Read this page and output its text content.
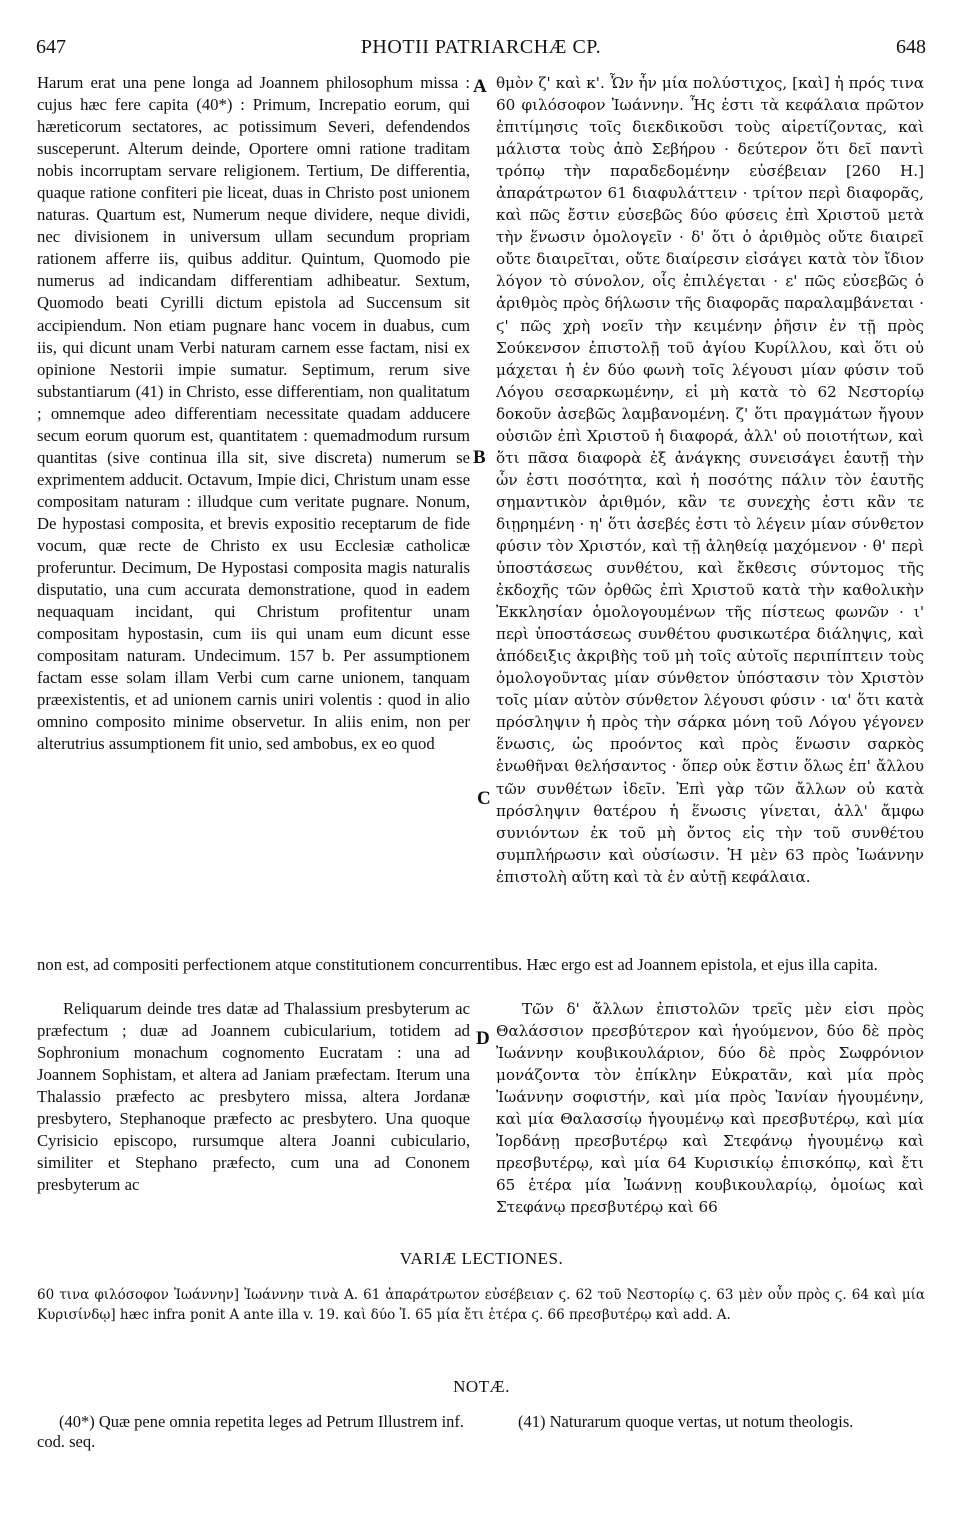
647	PHOTII PATRIARCHÆ CP.	648

Harum erat una pene longa ad Joannem philosophum missa : cujus hæc fere capita (40*) : Primum, Increpatio eorum, qui hæreticorum sectatores, ac potissimum Severi, defendendos susceperunt. Alterum deinde, Oportere omni ratione traditam nobis incorruptam servare religionem. Tertium, De differentia, quaque ratione confiteri pie liceat, duas in Christo post unionem naturas. Quartum est, Numerum neque dividere, neque dividi, nec divisionem in universum ullam secundum propriam rationem afferre iis, quibus additur. Quintum, Quomodo pie numerus ad indicandam differentiam adhibeatur. Sextum, Quomodo beati Cyrilli dictum epistola ad Succensum sit accipiendum. Non etiam pugnare hanc vocem in duabus, cum iis, qui dicunt unam Verbi naturam carnem esse factam, nisi ex opinione Nestorii impie sumatur. Septimum, rerum sive substantiarum (41) in Christo, esse differentiam, non qualitatum ; omnemque adeo differentiam necessitate quadam adducere secum eorum quorum est, quantitatem : quemadmodum rursum quantitas (sive continua illa sit, sive discreta) numerum se exprimentem adducit. Octavum, Impie dici, Christum unam esse compositam naturam : illudque cum veritate pugnare. Nonum, De hypostasi composita, et brevis expositio receptarum de fide vocum, quæ recte de Christo ex usu Ecclesiæ catholicæ proferuntur. Decimum, De Hypostasi composita magis naturalis disputatio, una cum accurata demonstratione, quod in eadem nequaquam incidant, qui Christum profitentur unam compositam hypostasin, cum iis qui unam eum dicunt esse compositam naturam. Undecimum. 157 b. Per assumptionem factam esse solam illam Verbi cum carne unionem, tanquam præexistentis, et ad unionem carnis uniri volentis : quod in alio omnino composito minime observetur. In aliis enim, non per alterutrius assumptionem fit unio, sed ambobus, ex eo quod

θμὸν ζ' καὶ κ'. Ὧν ἦν μία πολύστιχος, [καὶ] ἡ πρός τινα 60 φιλόσοφον Ἰωάννην. Ἧς ἐστι τὰ κεφάλαια πρῶτον ἐπιτίμησις τοῖς διεκδικοῦσι τοὺς αἱρετίζοντας, καὶ μάλιστα τοὺς ἀπὸ Σεβήρου · δεύτερον ὅτι δεῖ παντὶ τρόπῳ τὴν παραδεδομένην εὐσέβειαν [260 H.] ἀπαράτρωτον 61 διαφυλάττειν · τρίτον περὶ διαφορᾶς, καὶ πῶς ἔστιν εὐσεβῶς δύο φύσεις ἐπὶ Χριστοῦ μετὰ τὴν ἕνωσιν ὁμολογεῖν · δ' ὅτι ὁ ἀριθμὸς οὔτε διαιρεῖ οὔτε διαιρεῖται, οὔτε διαίρεσιν εἰσάγει κατὰ τὸν ἴδιον λόγον τὸ σύνολον, οἷς ἐπιλέγεται · ε' πῶς εὐσεβῶς ὁ ἀριθμὸς πρὸς δήλωσιν τῆς διαφορᾶς παραλαμβάνεται · ϛ' πῶς χρὴ νοεῖν τὴν κειμένην ῥῆσιν ἐν τῇ πρὸς Σούκενσον ἐπιστολῇ τοῦ ἁγίου Κυρίλλου, καὶ ὅτι οὐ μάχεται ἡ ἐν δύο φωνὴ τοῖς λέγουσι μίαν φύσιν τοῦ Λόγου σεσαρκωμένην, εἰ μὴ κατὰ τὸ 62 Νεστορίῳ δοκοῦν ἀσεβῶς λαμβανομένη. ζ' ὅτι πραγμάτων ἤγουν οὐσιῶν ἐπὶ Χριστοῦ ἡ διαφορά, ἀλλ' οὐ ποιοτήτων, καὶ ὅτι πᾶσα διαφορὰ ἐξ ἀνάγκης συνεισάγει ἑαυτῇ τὴν ὧν ἐστι ποσότητα, καὶ ἡ ποσότης πάλιν τὸν ἑαυτῆς σημαντικὸν ἀριθμόν, κἂν τε συνεχὴς ἐστι κἂν τε διῃρημένη · η' ὅτι ἀσεβές ἐστι τὸ λέγειν μίαν σύνθετον φύσιν τὸν Χριστόν, καὶ τῇ ἀληθείᾳ μαχόμενον · θ' περὶ ὑποστάσεως συνθέτου, καὶ ἔκθεσις σύντομος τῆς ἐκδοχῆς τῶν ὀρθῶς ἐπὶ Χριστοῦ κατὰ τὴν καθολικὴν Ἐκκλησίαν ὁμολογουμένων τῆς πίστεως φωνῶν · ι' περὶ ὑποστάσεως συνθέτου φυσικωτέρα διάληψις, καὶ ἀπόδειξις ἀκριβὴς τοῦ μὴ τοῖς αὐτοῖς περιπίπτειν τοὺς ὁμολογοῦντας μίαν σύνθετον ὑπόστασιν τὸν Χριστὸν τοῖς μίαν αὐτὸν σύνθετον λέγουσι φύσιν · ια' ὅτι κατὰ πρόσληψιν ἡ πρὸς τὴν σάρκα μόνη τοῦ Λόγου γέγονεν ἕνωσις, ὡς προόντος καὶ πρὸς ἕνωσιν σαρκὸς ἑνωθῆναι θελήσαντος · ὅπερ οὐκ ἔστιν ὅλως ἐπ' ἄλλου τῶν συνθέτων ἰδεῖν. Ἐπὶ γὰρ τῶν ἄλλων οὐ κατὰ πρόσληψιν θατέρου ἡ ἕνωσις γίνεται, ἀλλ' ἄμφω συνιόντων ἐκ τοῦ μὴ ὄντος εἰς τὴν τοῦ συνθέτου συμπλήρωσιν καὶ οὐσίωσιν. Ἡ μὲν 63 πρὸς Ἰωάννην ἐπιστολὴ αὕτη καὶ τὰ ἐν αὐτῇ κεφάλαια.

A
B
C
D
non est, ad compositi perfectionem atque constitutionem concurrentibus. Hæc ergo est ad Joannem epistola, et ejus illa capita.

Reliquarum deinde tres datæ ad Thalassium presbyterum ac præfectum ; duæ ad Joannem cubicularium, totidem ad Sophronium monachum cognomento Eucratam : una ad Joannem Sophistam, et altera ad Janiam præfectam. Iterum una Thalassio præfecto ac presbytero missa, altera Jordanæ presbytero, Stephanoque præfecto ac presbytero. Una quoque Cyrisicio episcopo, rursumque altera Joanni cubiculario, similiter et Stephano præfecto, cum una ad Cononem presbyterum ac

Τῶν δ' ἄλλων ἐπιστολῶν τρεῖς μὲν εἰσι πρὸς Θαλάσσιον πρεσβύτερον καὶ ἡγούμενον, δύο δὲ πρὸς Ἰωάννην κουβικουλάριον, δύο δὲ πρὸς Σωφρόνιον μονάζοντα τὸν ἐπίκλην Εὐκρατᾶν, καὶ μία πρὸς Ἰωάννην σοφιστήν, καὶ μία πρὸς Ἰανίαν ἡγουμένην, καὶ μία Θαλασσίῳ ἡγουμένῳ καὶ πρεσβυτέρῳ, καὶ μία Ἰορδάνῃ πρεσβυτέρῳ καὶ Στεφάνῳ ἡγουμένῳ καὶ πρεσβυτέρῳ, καὶ μία 64 Κυρισικίῳ ἐπισκόπῳ, καὶ ἔτι 65 ἑτέρα μία Ἰωάννῃ κουβικουλαρίῳ, ὁμοίως καὶ Στεφάνῳ πρεσβυτέρῳ καὶ 66

VARIÆ LECTIONES.
60 τινα φιλόσοφον Ἰωάννην] Ἰωάννην τινὰ A. 61 ἀπαράτρωτον εὐσέβειαν ϛ. 62 τοῦ Νεστορίῳ ϛ. 63 μὲν οὖν πρὸς ϛ. 64 καὶ μία Κυρισίνδῳ] hæc infra ponit A ante illa v. 19. καὶ δύο Ἰ. 65 μία ἔτι ἑτέρα ϛ. 66 πρεσβυτέρῳ καὶ add. A.
NOTÆ.
(40*) Quæ pene omnia repetita leges ad Petrum Illustrem inf. cod. seq.
(41) Naturarum quoque vertas, ut notum theologis.
